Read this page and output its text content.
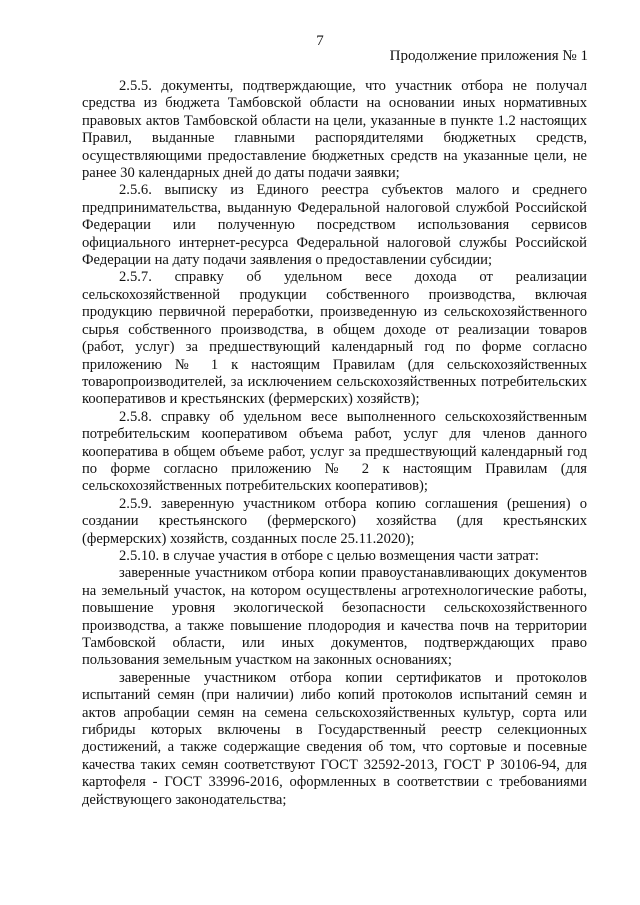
7
Продолжение приложения № 1

2.5.5. документы, подтверждающие, что участник отбора не получал средства из бюджета Тамбовской области на основании иных нормативных правовых актов Тамбовской области на цели, указанные в пункте 1.2 настоящих Правил, выданные главными распорядителями бюджетных средств, осуществляющими предоставление бюджетных средств на указанные цели, не ранее 30 календарных дней до даты подачи заявки;

2.5.6. выписку из Единого реестра субъектов малого и среднего предпринимательства, выданную Федеральной налоговой службой Российской Федерации или полученную посредством использования сервисов официального интернет-ресурса Федеральной налоговой службы Российской Федерации на дату подачи заявления о предоставлении субсидии;

2.5.7. справку об удельном весе дохода от реализации сельскохозяйственной продукции собственного производства, включая продукцию первичной переработки, произведенную из сельскохозяйственного сырья собственного производства, в общем доходе от реализации товаров (работ, услуг) за предшествующий календарный год по форме согласно приложению № 1 к настоящим Правилам (для сельскохозяйственных товаропроизводителей, за исключением сельскохозяйственных потребительских кооперативов и крестьянских (фермерских) хозяйств);

2.5.8. справку об удельном весе выполненного сельскохозяйственным потребительским кооперативом объема работ, услуг для членов данного кооператива в общем объеме работ, услуг за предшествующий календарный год по форме согласно приложению № 2 к настоящим Правилам (для сельскохозяйственных потребительских кооперативов);

2.5.9. заверенную участником отбора копию соглашения (решения) о создании крестьянского (фермерского) хозяйства (для крестьянских (фермерских) хозяйств, созданных после 25.11.2020);

2.5.10. в случае участия в отборе с целью возмещения части затрат:

заверенные участником отбора копии правоустанавливающих документов на земельный участок, на котором осуществлены агротехнологические работы, повышение уровня экологической безопасности сельскохозяйственного производства, а также повышение плодородия и качества почв на территории Тамбовской области, или иных документов, подтверждающих право пользования земельным участком на законных основаниях;

заверенные участником отбора копии сертификатов и протоколов испытаний семян (при наличии) либо копий протоколов испытаний семян и актов апробации семян на семена сельскохозяйственных культур, сорта или гибриды которых включены в Государственный реестр селекционных достижений, а также содержащие сведения об том, что сортовые и посевные качества таких семян соответствуют ГОСТ 32592-2013, ГОСТ Р 30106-94, для картофеля - ГОСТ 33996-2016, оформленных в соответствии с требованиями действующего законодательства;
